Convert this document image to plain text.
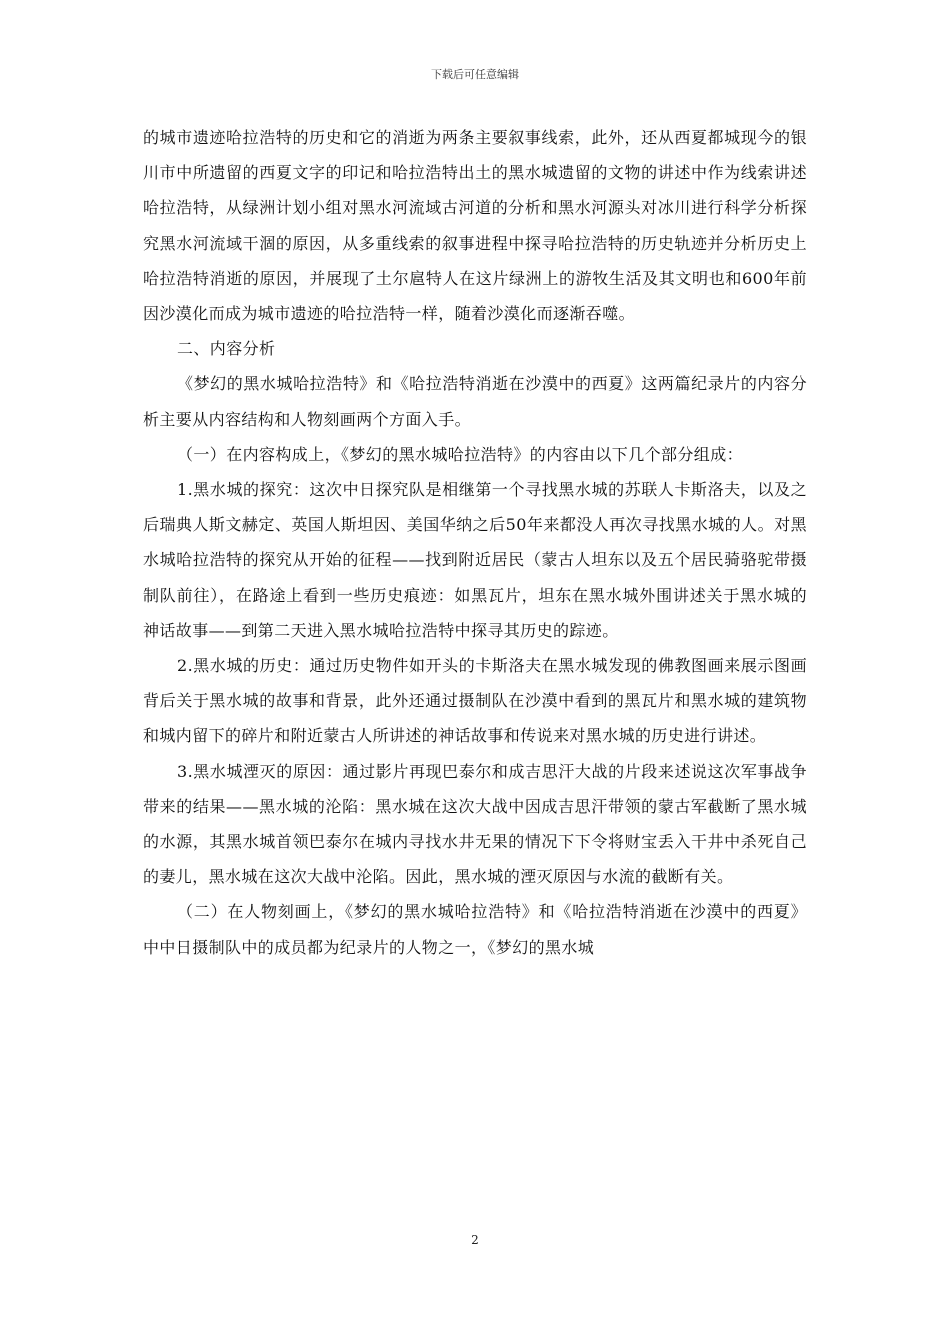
下载后可任意编辑

的城市遗迹哈拉浩特的历史和它的消逝为两条主要叙事线索，此外，还从西夏都城现今的银川市中所遗留的西夏文字的印记和哈拉浩特出土的黑水城遗留的文物的讲述中作为线索讲述哈拉浩特，从绿洲计划小组对黑水河流域古河道的分析和黑水河源头对冰川进行科学分析探究黑水河流域干涸的原因，从多重线索的叙事进程中探寻哈拉浩特的历史轨迹并分析历史上哈拉浩特消逝的原因，并展现了土尔扈特人在这片绿洲上的游牧生活及其文明也和600年前因沙漠化而成为城市遗迹的哈拉浩特一样，随着沙漠化而逐渐吞噬。

二、内容分析

《梦幻的黑水城哈拉浩特》和《哈拉浩特消逝在沙漠中的西夏》这两篇纪录片的内容分析主要从内容结构和人物刻画两个方面入手。

（一）在内容构成上，《梦幻的黑水城哈拉浩特》的内容由以下几个部分组成：

1.黑水城的探究：这次中日探究队是相继第一个寻找黑水城的苏联人卡斯洛夫，以及之后瑞典人斯文赫定、英国人斯坦因、美国华纳之后50年来都没人再次寻找黑水城的人。对黑水城哈拉浩特的探究从开始的征程——找到附近居民（蒙古人坦东以及五个居民骑骆驼带摄制队前往），在路途上看到一些历史痕迹：如黑瓦片，坦东在黑水城外围讲述关于黑水城的神话故事——到第二天进入黑水城哈拉浩特中探寻其历史的踪迹。

2.黑水城的历史：通过历史物件如开头的卡斯洛夫在黑水城发现的佛教图画来展示图画背后关于黑水城的故事和背景，此外还通过摄制队在沙漠中看到的黑瓦片和黑水城的建筑物和城内留下的碎片和附近蒙古人所讲述的神话故事和传说来对黑水城的历史进行讲述。

3.黑水城湮灭的原因：通过影片再现巴泰尔和成吉思汗大战的片段来述说这次军事战争带来的结果——黑水城的沦陷：黑水城在这次大战中因成吉思汗带领的蒙古军截断了黑水城的水源，其黑水城首领巴泰尔在城内寻找水井无果的情况下下令将财宝丢入干井中杀死自己的妻儿，黑水城在这次大战中沦陷。因此，黑水城的湮灭原因与水流的截断有关。

（二）在人物刻画上，《梦幻的黑水城哈拉浩特》和《哈拉浩特消逝在沙漠中的西夏》中中日摄制队中的成员都为纪录片的人物之一，《梦幻的黑水城

2
